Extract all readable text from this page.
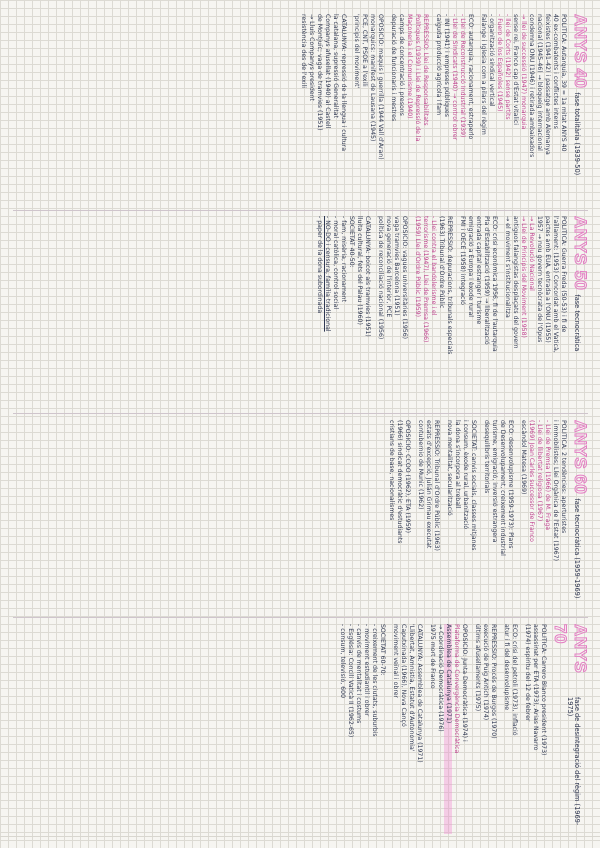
ANYS 40
fase totalitària (1939-50)
POLÍTICA: Autarquia, 39 = 1a mitat ANYS 40
40 ex-combatents i conflictes interns
feixistes (1941-42) i passatge amb Alemanya
nacional (1945-46) → bloqueig internacional
condemna ONU (1946) i retirada ambaixadors
→ llei de successió (1947) monarquia
sense rei, Franco cap d'Estat vitalici
- llei de Corts (1942) sense partits
- Fuero de los Españoles (1945)
- organització sindical vertical
Falange i Iglesia com a pilars del règim
ECO: autarquia, racionament, estraperlo
- Llei de Reconstrucció Industrial (1939)
- Llei de Sindicats (1940) → control obrer
- INI (1941) i empreses públiques
caiguda producció agrícola i fam
REPRESSIÓ: Llei de Responsabilitats
Polítiques (1939) i Llei de Repressió de la
Maçoneria i el Comunisme (1940)
camps de concentració i presons
depuració de funcionaris i mestres
OPOSICIÓ: maquis i guerrilla (1944 Vall d'Aran)
monarquics: manifest de Lausana (1945)
PCE, CNT, PSOE a l'exili
'principis del moviment'
CATALUNYA: repressió de la llengua i cultura
la catalana, supressió Generalitat
Companys afusellat (1940) al Castell
de Montjuïc; vaga de tramvies (1951)
→ Lluís Companys president
resistència des de l'exili
ANYS 50
fase tecnocràtica
POLÍTICA: Guerra Freda (50-53) i fi de
l'aïllament: (1953) Concordat amb el Vaticà,
pactes amb EUA, entrada a l'ONU (1955)
1957 → nou govern tecnòcrata de l'Opus
→ La Revolució Nacional
→ Llei de Principis del Moviment (1958)
antiguos falangistas desplaçats del govern
→ el moviment s'institucionalitza
ECO: crisi econòmica 1956, fi de l'autarquia
Pla d'Estabilització (1959) → liberalització
entrada capital estranger i turisme
emigració a Europa i èxode rural
FMI i OECE (1958) integració
REPRESSIÓ: depuracions, tribunals especials
(1963) Tribunal d'Ordre Públic
- Llei contra el bandolerisme i el
terrorisme (1947), Llei de Premsa (1966)
(1959) Llei d'Ordre Públic (1959)
OPOSICIÓ: vagues universitàries (1956)
vaga tramvies Barcelona (1951)
nova generació de l'interior, PCE
política de reconciliació nacional (1956)
CATALUNYA: boicot als tramvies (1951)
lluita cultural, fets del Palau (1960)
SOCIETAT 40-50:
- fam, misèria, racionament
- moral catòlica, control social
- NO-DO i censura, família tradicional
- paper de la dona subordinada
ANYS 60
fase tecnocràtica (1959-1969)
POLÍTICA: 2 tendències: aperturistes
i immobilistes; Llei Orgànica de l'Estat (1967)
- Llei de Premsa (1966) de M. Fraga
- Llei de llibertat religiosa (1967)
(1969) Joan Carles successor de Franco
escàndol Matesa (1969)
ECO: desenvolupisme (1959-1973): Plans
de Desenvolupament, creixement industrial
turisme, emigració, inversió estrangera
desequilibris territorials
SOCIETAT: canvis socials, classes mitjanes
i consum, èxode rural, urbanització
la dona s'incorpora al treball
nova mentalitat, secularització
REPRESSIÓ: Tribunal d'Ordre Públic (1963)
estats d'excepció, Julián Grimau executat
contubernio de Munic (1962)
OPOSICIÓ: CCOO (1962), ETA (1959)
(1966) sindicat democràtic d'estudiants
cristians de base, nacionalismes
ANYS 70
fase de desintegració del règim (1969-1975)
POLÍTICA: Carrero Blanco president (1973)
assassinat per ETA (1973), Arias Navarro
(1974) espíritu del 12 de febrer
ECO: crisi del petroli (1973), inflació
atur i fi del desenvolupisme
REPRESSIÓ: Procés de Burgos (1970)
execució de Puig Antich (1974)
últims afusellaments (1975)
OPOSICIÓ: Junta Democràtica (1974) i
Plataforma de Convergència Democràtica
Assemblea de Catalunya (1971)
→ Coordinació Democràtica (1976)
1975 mort de Franco
CATALUNYA: Assemblea de Catalunya (1971)
'Llibertat, Amnistia, Estatut d'Autonomia'
Caputxinada (1966), Nova Cançó
moviment veïnal i obrer
SOCIETAT 60-70:
- creixement de les ciutats, suburbis
- moviment estudiantil i obrer
- canvis de mentalitat i costums
- Església: Concili Vaticà II (1962-65)
- consum, televisió, 600
